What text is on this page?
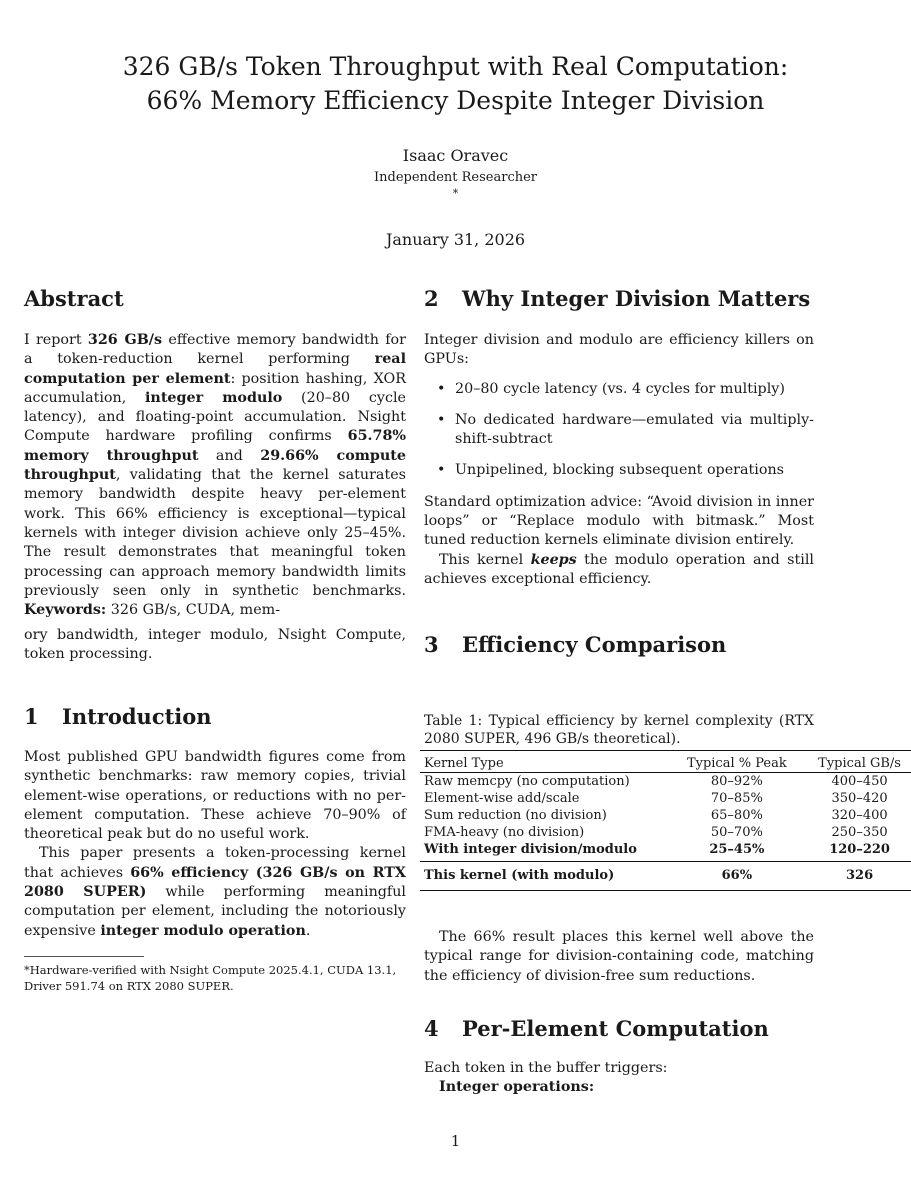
326 GB/s Token Throughput with Real Computation:
66% Memory Efficiency Despite Integer Division
Isaac Oravec
Independent Researcher
*
January 31, 2026
Abstract

I report 326 GB/s effective memory bandwidth for a token-reduction kernel performing real computation per element: position hashing, XOR accumulation, integer modulo (20–80 cycle latency), and floating-point accumulation. Nsight Compute hardware profiling confirms 65.78% memory throughput and 29.66% compute throughput, validating that the kernel saturates memory bandwidth despite heavy per-element work. This 66% efficiency is exceptional—typical kernels with integer division achieve only 25–45%. The result demonstrates that meaningful token processing can approach memory bandwidth limits previously seen only in synthetic benchmarks. Keywords: 326 GB/s, CUDA, mem-

ory bandwidth, integer modulo, Nsight Compute, token processing.
1 Introduction

Most published GPU bandwidth figures come from synthetic benchmarks: raw memory copies, trivial element-wise operations, or reductions with no per-element computation. These achieve 70–90% of theoretical peak but do no useful work.

This paper presents a token-processing kernel that achieves 66% efficiency (326 GB/s on RTX 2080 SUPER) while performing meaningful computation per element, including the notoriously expensive integer modulo operation.

*Hardware-verified with Nsight Compute 2025.4.1, CUDA 13.1, Driver 591.74 on RTX 2080 SUPER.
2 Why Integer Division Matters

Integer division and modulo are efficiency killers on GPUs:

• 20–80 cycle latency (vs. 4 cycles for multiply)
• No dedicated hardware—emulated via multiply-shift-subtract
• Unpipelined, blocking subsequent operations

Standard optimization advice: “Avoid division in inner loops” or “Replace modulo with bitmask.” Most tuned reduction kernels eliminate division entirely.

This kernel keeps the modulo operation and still achieves exceptional efficiency.

3 Efficiency Comparison
Table 1: Typical efficiency by kernel complexity (RTX 2080 SUPER, 496 GB/s theoretical).
Kernel Type	Typical % Peak	Typical GB/s
Raw memcpy (no computation)	80–92%	400–450
Element-wise add/scale	70–85%	350–420
Sum reduction (no division)	65–80%	320–400
FMA-heavy (no division)	50–70%	250–350
With integer division/modulo	25–45%	120–220
This kernel (with modulo)	66%	326

The 66% result places this kernel well above the typical range for division-containing code, matching the efficiency of division-free sum reductions.

4 Per-Element Computation

Each token in the buffer triggers:

Integer operations:

1
